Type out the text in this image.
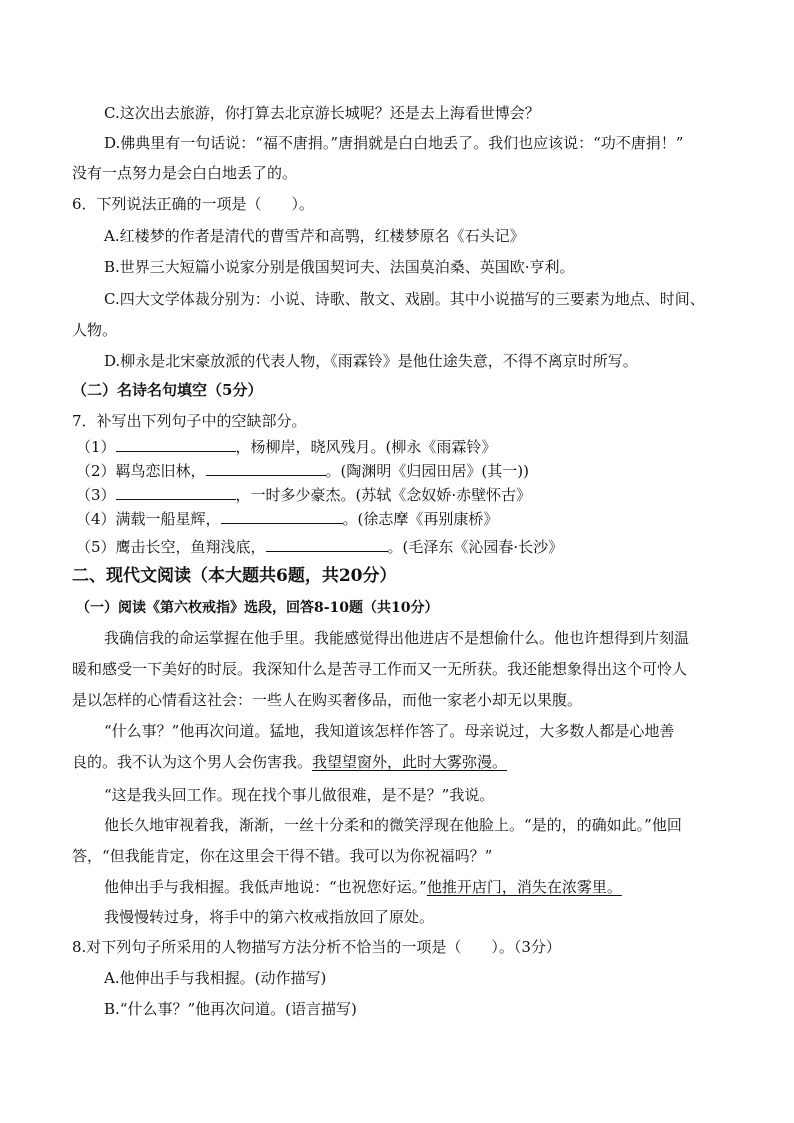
C.这次出去旅游，你打算去北京游长城呢？还是去上海看世博会？
D.佛典里有一句话说：“福不唐捐。”唐捐就是白白地丢了。我们也应该说：“功不唐捐！”
没有一点努力是会白白地丢了的。
6．下列说法正确的一项是（　　）。
A.红楼梦的作者是清代的曹雪芹和高鹗，红楼梦原名《石头记》
B.世界三大短篇小说家分别是俄国契诃夫、法国莫泊桑、英国欧·亨利。
C.四大文学体裁分别为：小说、诗歌、散文、戏剧。其中小说描写的三要素为地点、时间、
人物。
D.柳永是北宋豪放派的代表人物，《雨霖铃》是他仕途失意，不得不离京时所写。
（二）名诗名句填空（5分）
7．补写出下列句子中的空缺部分。
（1）	，杨柳岸，晓风残月。(柳永《雨霖铃》
（2）羁鸟恋旧林，	。(陶渊明《归园田居》(其一))
（3）	，一时多少豪杰。(苏轼《念奴娇·赤壁怀古》
（4）满载一船星辉，	。(徐志摩《再别康桥》
（5）鹰击长空，鱼翔浅底，	。(毛泽东《沁园春·长沙》
二、现代文阅读（本大题共6题，共20分）
（一）阅读《第六枚戒指》选段，回答8-10题（共10分）
我确信我的命运掌握在他手里。我能感觉得出他进店不是想偷什么。他也许想得到片刻温
暖和感受一下美好的时辰。我深知什么是苦寻工作而又一无所获。我还能想象得出这个可怜人
是以怎样的心情看这社会：一些人在购买奢侈品，而他一家老小却无以果腹。
“什么事？”他再次问道。猛地，我知道该怎样作答了。母亲说过，大多数人都是心地善
良的。我不认为这个男人会伤害我。我望望窗外，此时大雾弥漫。
“这是我头回工作。现在找个事儿做很难，是不是？”我说。
他长久地审视着我，渐渐，一丝十分柔和的微笑浮现在他脸上。“是的，的确如此。”他回
答，“但我能肯定，你在这里会干得不错。我可以为你祝福吗？”
他伸出手与我相握。我低声地说：“也祝您好运。”他推开店门，消失在浓雾里。
我慢慢转过身，将手中的第六枚戒指放回了原处。
8.对下列句子所采用的人物描写方法分析不恰当的一项是（　　）。（3分）
A.他伸出手与我相握。(动作描写)
B.“什么事？”他再次问道。(语言描写)
